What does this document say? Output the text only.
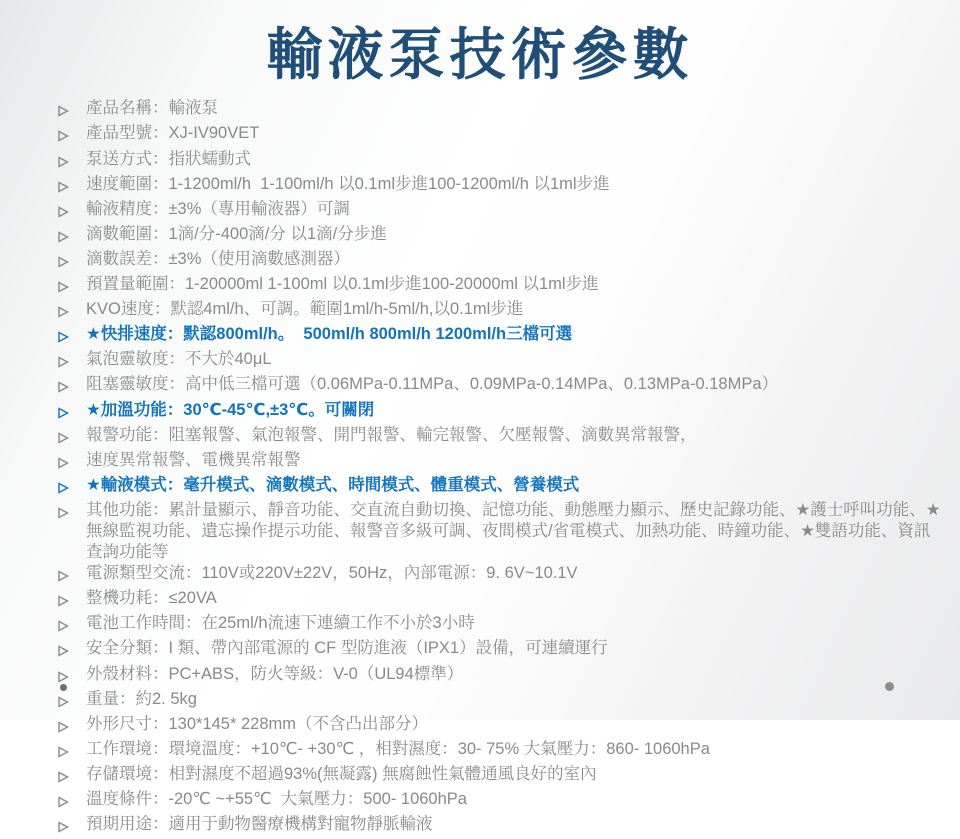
輸液泵技術參數
產品名稱：輸液泵
產品型號：XJ-IV90VET
泵送方式：指狀蠕動式
速度範圍：1-1200ml/h  1-100ml/h 以0.1ml步進100-1200ml/h 以1ml步進
輸液精度：±3%（專用輸液器）可調
滴數範圍：1滴/分-400滴/分 以1滴/分步進
滴數誤差：±3%（使用滴數感測器）
預置量範圍：1-20000ml 1-100ml 以0.1ml步進100-20000ml 以1ml步進
KVO速度：默認4ml/h、可調。範圍1ml/h-5ml/h,以0.1ml步進
★快排速度：默認800ml/h。  500ml/h 800ml/h 1200ml/h三檔可選
氣泡靈敏度：不大於40μL
阻塞靈敏度：高中低三檔可選（0.06MPa-0.11MPa、0.09MPa-0.14MPa、0.13MPa-0.18MPa）
★加溫功能：30℃-45℃,±3℃。可關閉
報警功能：阻塞報警、氣泡報警、開門報警、輸完報警、欠壓報警、滴數異常報警，
速度異常報警、電機異常報警
★輸液模式：毫升模式、滴數模式、時間模式、體重模式、營養模式
其他功能：累計量顯示、靜音功能、交直流自動切換、記憶功能、動態壓力顯示、歷史記錄功能、★護士呼叫功能、★無線監視功能、遺忘操作提示功能、報警音多級可調、夜間模式/省電模式、加熱功能、時鐘功能、★雙語功能、資訊查詢功能等
電源類型交流：110V或220V±22V，50Hz，內部電源：9. 6V~10.1V
整機功耗：≤20VA
電池工作時間：在25ml/h流速下連續工作不小於3小時
安全分類：I 類、帶內部電源的 CF 型防進液（IPX1）設備，可連續運行
外殼材料：PC+ABS，防火等級：V-0（UL94標準）
重量：約2. 5kg
外形尺寸：130*145* 228mm（不含凸出部分）
工作環境：環境溫度：+10℃- +30℃ ，相對濕度：30- 75% 大氣壓力：860- 1060hPa
存儲環境：相對濕度不超過93%(無凝露) 無腐蝕性氣體通風良好的室內
溫度條件：-20℃ ~+55℃  大氣壓力：500- 1060hPa
預期用途：適用于動物醫療機構對寵物靜脈輸液
